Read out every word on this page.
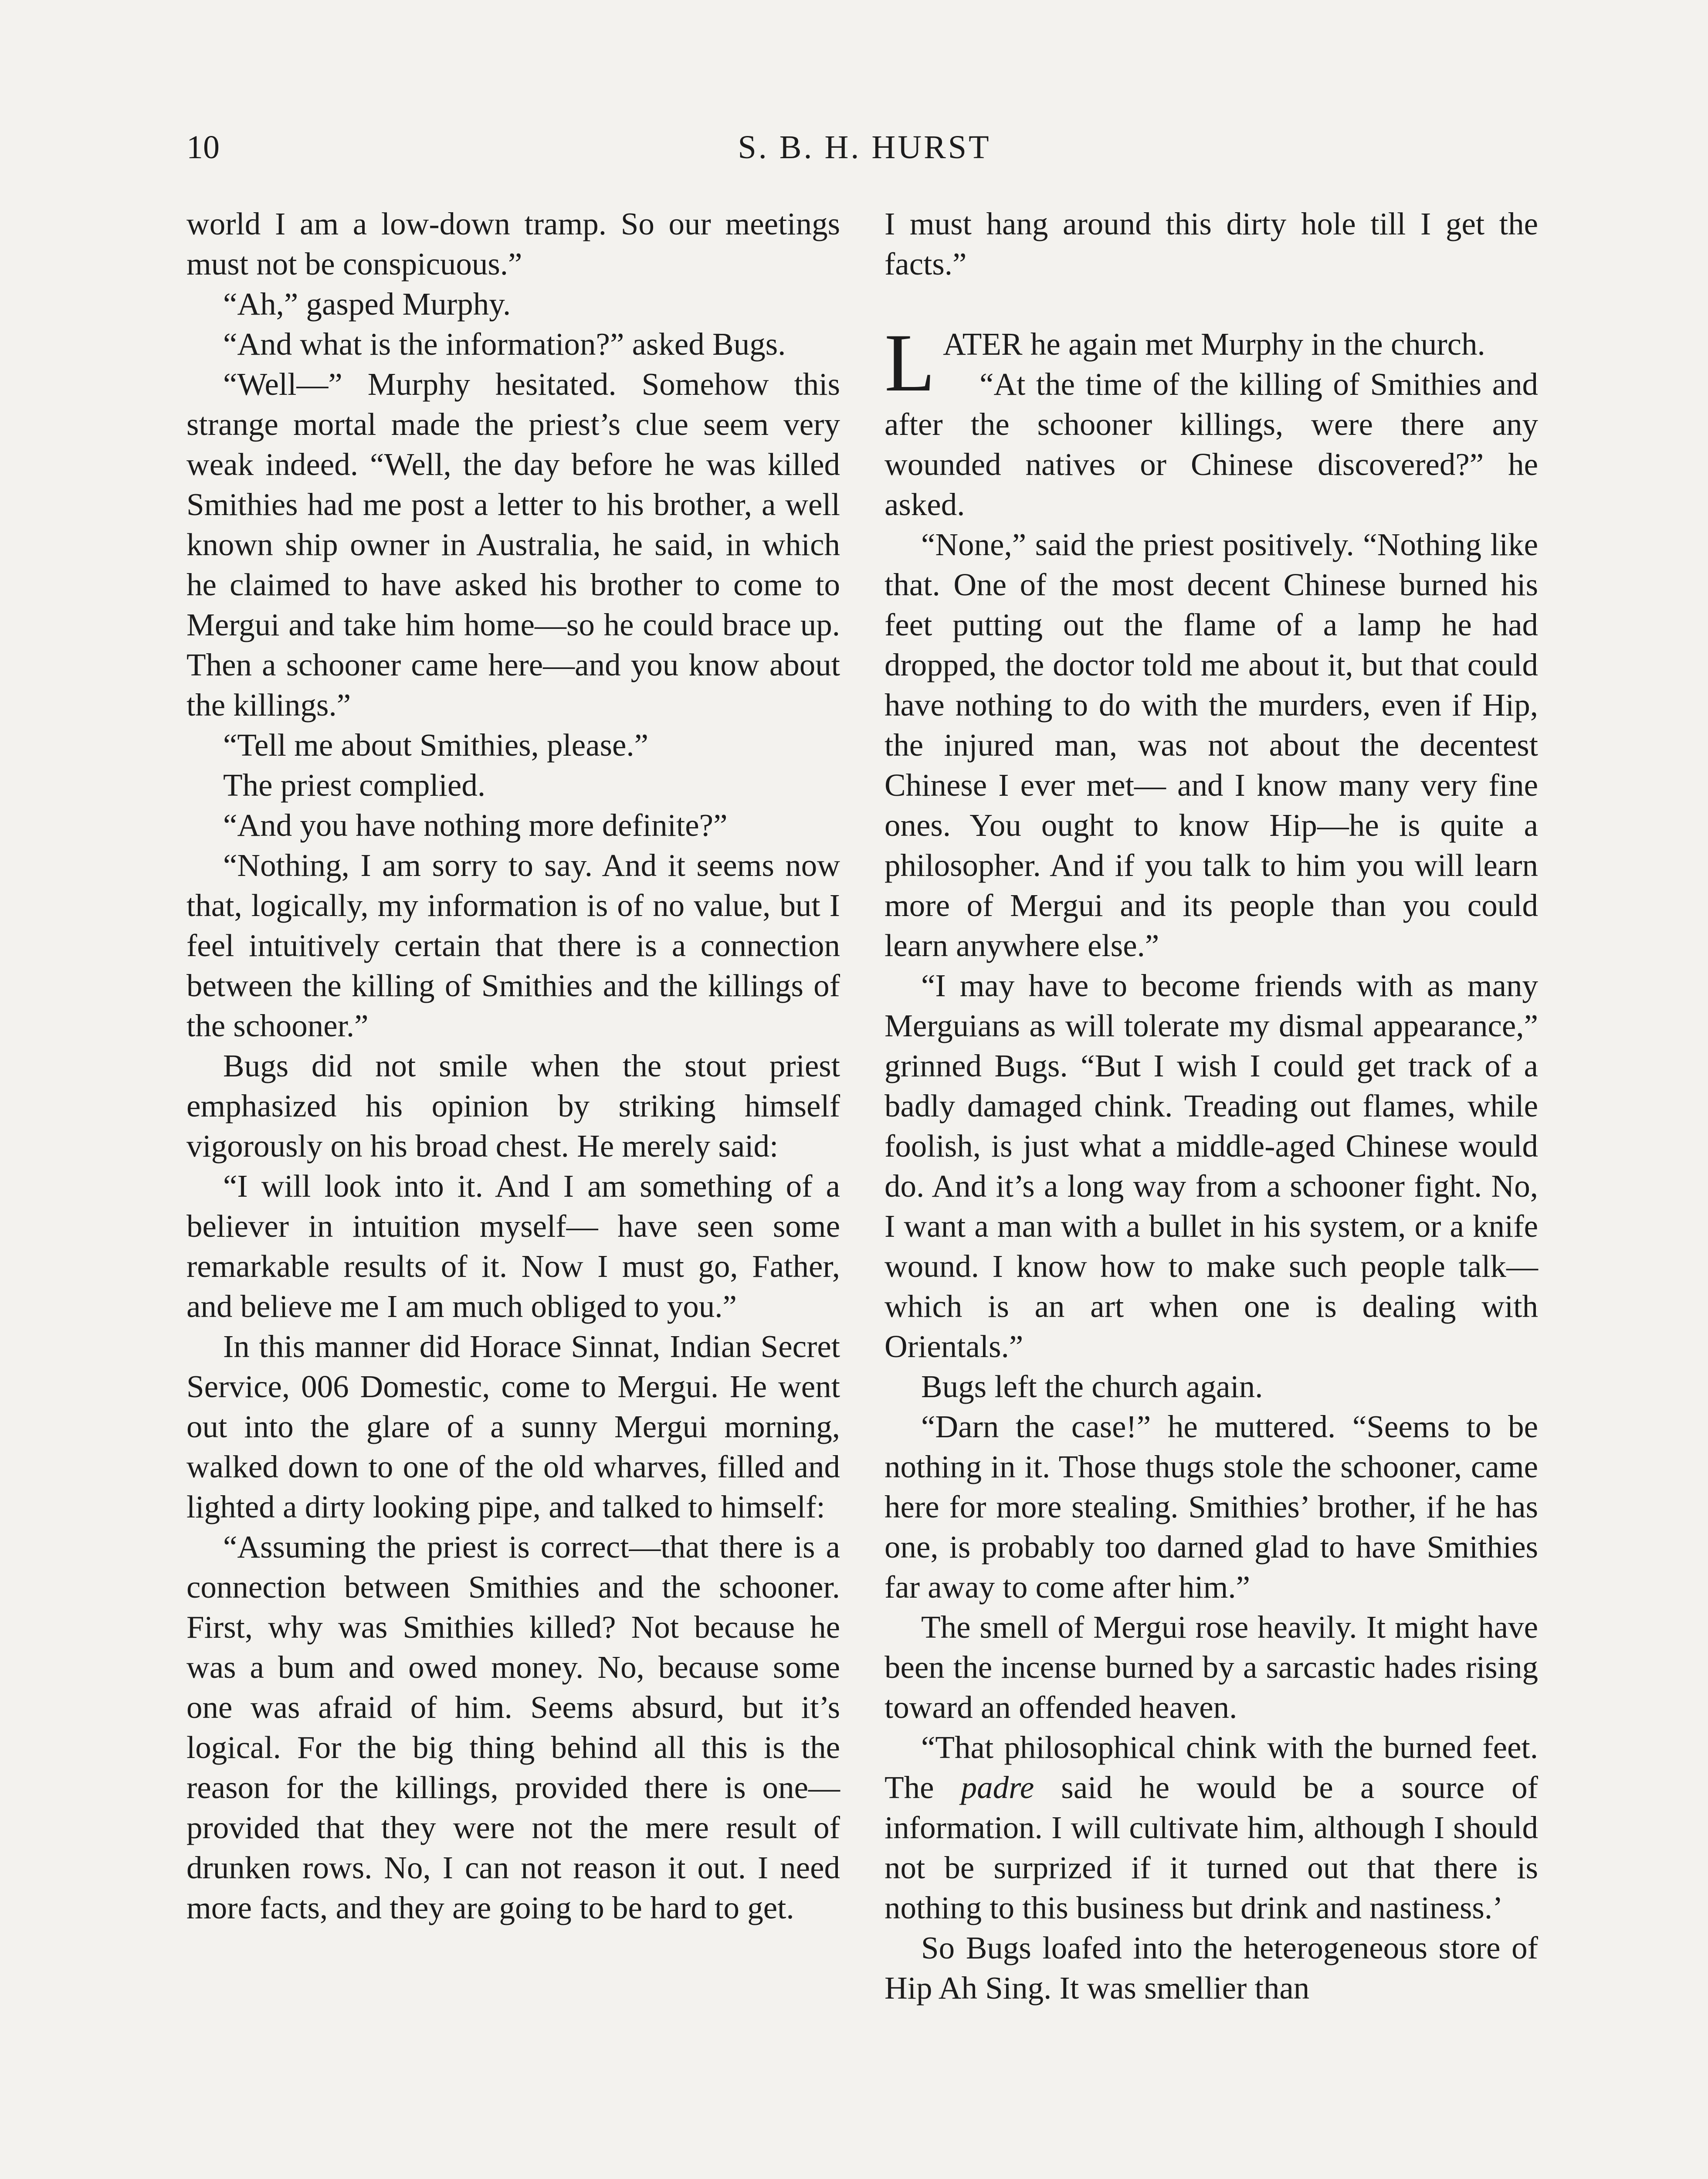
10	S. B. H. HURST

world I am a low-down tramp. So our meetings must not be conspicuous.”

“Ah,” gasped Murphy.

“And what is the information?” asked Bugs.

“Well—” Murphy hesitated. Somehow this strange mortal made the priest’s clue seem very weak indeed. “Well, the day before he was killed Smithies had me post a letter to his brother, a well known ship owner in Australia, he said, in which he claimed to have asked his brother to come to Mergui and take him home—so he could brace up. Then a schooner came here—and you know about the killings.”

“Tell me about Smithies, please.”

The priest complied.

“And you have nothing more definite?”

“Nothing, I am sorry to say. And it seems now that, logically, my information is of no value, but I feel intuitively certain that there is a connection between the killing of Smithies and the killings of the schooner.”

Bugs did not smile when the stout priest emphasized his opinion by striking himself vigorously on his broad chest. He merely said:

“I will look into it. And I am something of a believer in intuition myself— have seen some remarkable results of it. Now I must go, Father, and believe me I am much obliged to you.”

In this manner did Horace Sinnat, Indian Secret Service, 006 Domestic, come to Mergui. He went out into the glare of a sunny Mergui morning, walked down to one of the old wharves, filled and lighted a dirty looking pipe, and talked to himself:

“Assuming the priest is correct—that there is a connection between Smithies and the schooner. First, why was Smithies killed? Not because he was a bum and owed money. No, because some one was afraid of him. Seems absurd, but it’s logical. For the big thing behind all this is the reason for the killings, provided there is one—provided that they were not the mere result of drunken rows. No, I can not reason it out. I need more facts, and they are going to be hard to get.

I must hang around this dirty hole till I get the facts.”

LATER he again met Murphy in the church.

“At the time of the killing of Smithies and after the schooner killings, were there any wounded natives or Chinese discovered?” he asked.

“None,” said the priest positively. “Nothing like that. One of the most decent Chinese burned his feet putting out the flame of a lamp he had dropped, the doctor told me about it, but that could have nothing to do with the murders, even if Hip, the injured man, was not about the decentest Chinese I ever met— and I know many very fine ones. You ought to know Hip—he is quite a philosopher. And if you talk to him you will learn more of Mergui and its people than you could learn anywhere else.”

“I may have to become friends with as many Merguians as will tolerate my dismal appearance,” grinned Bugs. “But I wish I could get track of a badly damaged chink. Treading out flames, while foolish, is just what a middle-aged Chinese would do. And it’s a long way from a schooner fight. No, I want a man with a bullet in his system, or a knife wound. I know how to make such people talk—which is an art when one is dealing with Orientals.”

Bugs left the church again.

“Darn the case!” he muttered. “Seems to be nothing in it. Those thugs stole the schooner, came here for more stealing. Smithies’ brother, if he has one, is probably too darned glad to have Smithies far away to come after him.”

The smell of Mergui rose heavily. It might have been the incense burned by a sarcastic hades rising toward an offended heaven.

“That philosophical chink with the burned feet. The padre said he would be a source of information. I will cultivate him, although I should not be surprized if it turned out that there is nothing to this business but drink and nastiness.’

So Bugs loafed into the heterogeneous store of Hip Ah Sing. It was smellier than
